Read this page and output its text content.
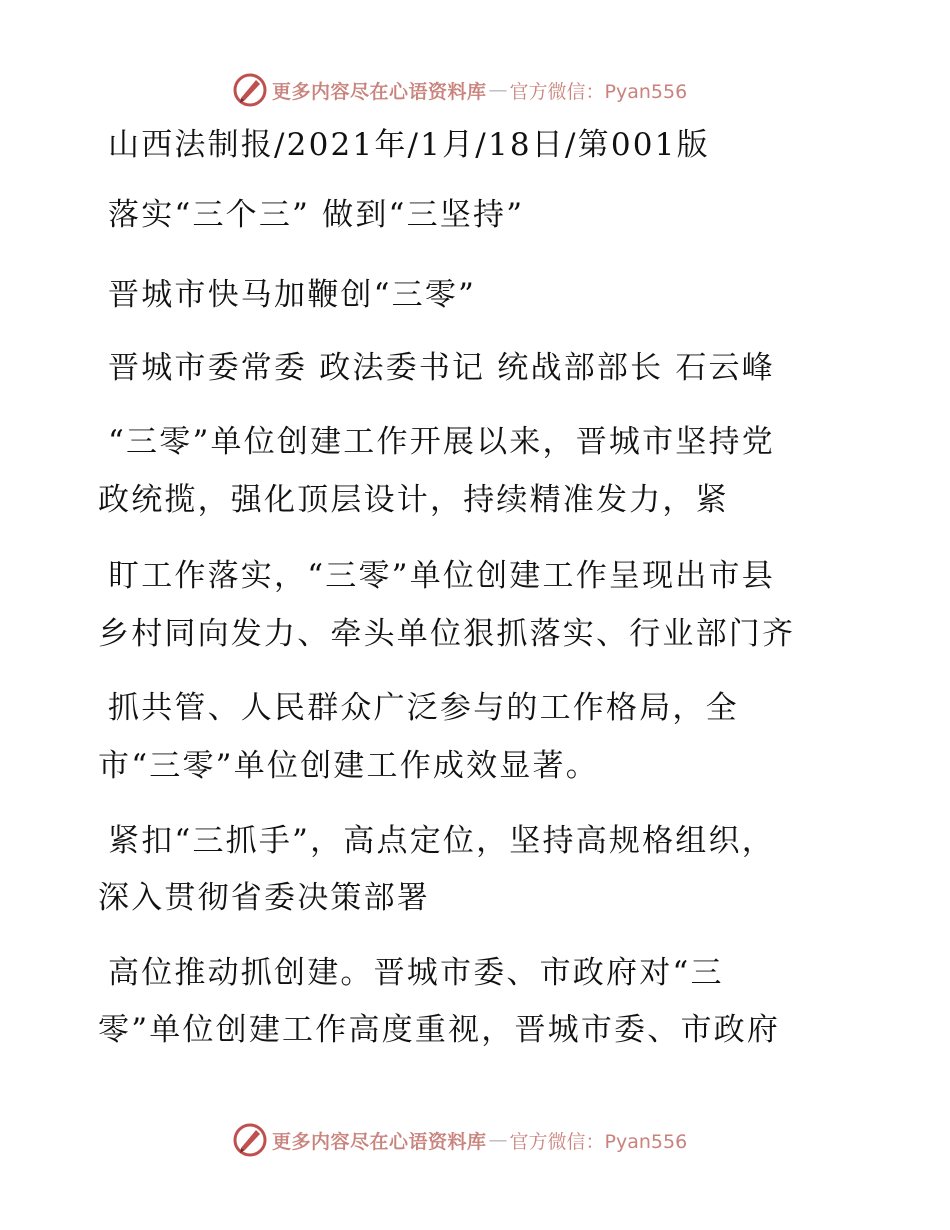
更多内容尽在心语资料库 — 官方微信：Pyan556

山西法制报/2021年/1月/18日/第001版

落实“三个三” 做到“三坚持”

晋城市快马加鞭创“三零”

晋城市委常委 政法委书记 统战部部长 石云峰

“三零”单位创建工作开展以来，晋城市坚持党

政统揽，强化顶层设计，持续精准发力，紧

盯工作落实，“三零”单位创建工作呈现出市县

乡村同向发力、牵头单位狠抓落实、行业部门齐

抓共管、人民群众广泛参与的工作格局，全

市“三零”单位创建工作成效显著。

紧扣“三抓手”，高点定位，坚持高规格组织，

深入贯彻省委决策部署

高位推动抓创建。晋城市委、市政府对“三

零”单位创建工作高度重视，晋城市委、市政府

更多内容尽在心语资料库 — 官方微信：Pyan556
